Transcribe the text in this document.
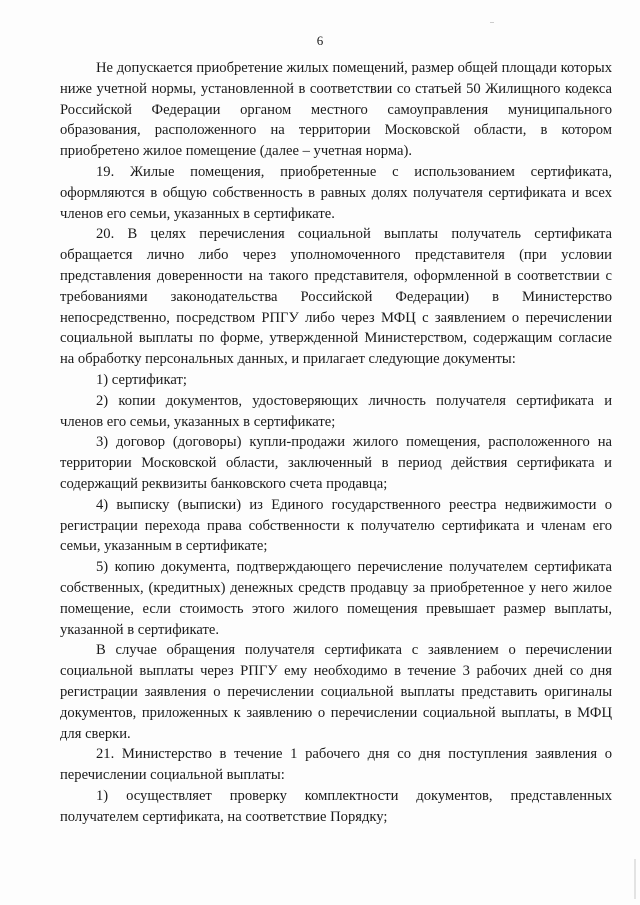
6

Не допускается приобретение жилых помещений, размер общей площади которых ниже учетной нормы, установленной в соответствии со статьей 50 Жилищного кодекса Российской Федерации органом местного самоуправления муниципального образования, расположенного на территории Московской области, в котором приобретено жилое помещение (далее – учетная норма).

19. Жилые помещения, приобретенные с использованием сертификата, оформляются в общую собственность в равных долях получателя сертификата и всех членов его семьи, указанных в сертификате.

20. В целях перечисления социальной выплаты получатель сертификата обращается лично либо через уполномоченного представителя (при условии представления доверенности на такого представителя, оформленной в соответствии с требованиями законодательства Российской Федерации) в Министерство непосредственно, посредством РПГУ либо через МФЦ с заявлением о перечислении социальной выплаты по форме, утвержденной Министерством, содержащим согласие на обработку персональных данных, и прилагает следующие документы:

1) сертификат;

2) копии документов, удостоверяющих личность получателя сертификата и членов его семьи, указанных в сертификате;

3) договор (договоры) купли-продажи жилого помещения, расположенного на территории Московской области, заключенный в период действия сертификата и содержащий реквизиты банковского счета продавца;

4) выписку (выписки) из Единого государственного реестра недвижимости о регистрации перехода права собственности к получателю сертификата и членам его семьи, указанным в сертификате;

5) копию документа, подтверждающего перечисление получателем сертификата собственных, (кредитных) денежных средств продавцу за приобретенное у него жилое помещение, если стоимость этого жилого помещения превышает размер выплаты, указанной в сертификате.

В случае обращения получателя сертификата с заявлением о перечислении социальной выплаты через РПГУ ему необходимо в течение 3 рабочих дней со дня регистрации заявления о перечислении социальной выплаты представить оригиналы документов, приложенных к заявлению о перечислении социальной выплаты, в МФЦ для сверки.

21. Министерство в течение 1 рабочего дня со дня поступления заявления о перечислении социальной выплаты:

1) осуществляет проверку комплектности документов, представленных получателем сертификата, на соответствие Порядку;
